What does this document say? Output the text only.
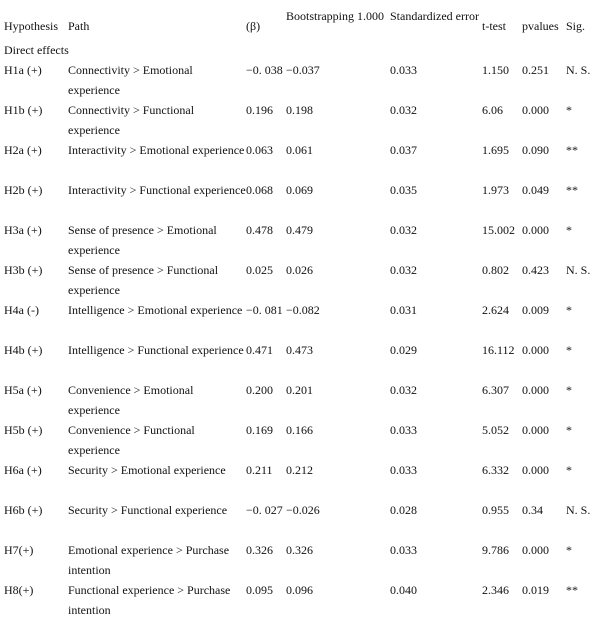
Hypothesis	Path	(β)	Bootstrapping 1.000	Standardized error	t-test	pvalues	Sig.
Direct effects							
H1a (+)	Connectivity > Emotional experience	−0. 038	−0.037	0.033	1.150	0.251	N. S.
H1b (+)	Connectivity > Functional experience	0.196	0.198	0.032	6.06	0.000	*
H2a (+)	Interactivity > Emotional experience	0.063	0.061	0.037	1.695	0.090	**
H2b (+)	Interactivity > Functional experience	0.068	0.069	0.035	1.973	0.049	**
H3a (+)	Sense of presence > Emotional experience	0.478	0.479	0.032	15.002	0.000	*
H3b (+)	Sense of presence > Functional experience	0.025	0.026	0.032	0.802	0.423	N. S.
H4a (-)	Intelligence > Emotional experience	−0. 081	−0.082	0.031	2.624	0.009	*
H4b (+)	Intelligence > Functional experience	0.471	0.473	0.029	16.112	0.000	*
H5a (+)	Convenience > Emotional experience	0.200	0.201	0.032	6.307	0.000	*
H5b (+)	Convenience > Functional experience	0.169	0.166	0.033	5.052	0.000	*
H6a (+)	Security > Emotional experience	0.211	0.212	0.033	6.332	0.000	*
H6b (+)	Security > Functional experience	−0. 027	−0.026	0.028	0.955	0.34	N. S.
H7(+)	Emotional experience > Purchase intention	0.326	0.326	0.033	9.786	0.000	*
H8(+)	Functional experience > Purchase intention	0.095	0.096	0.040	2.346	0.019	**
